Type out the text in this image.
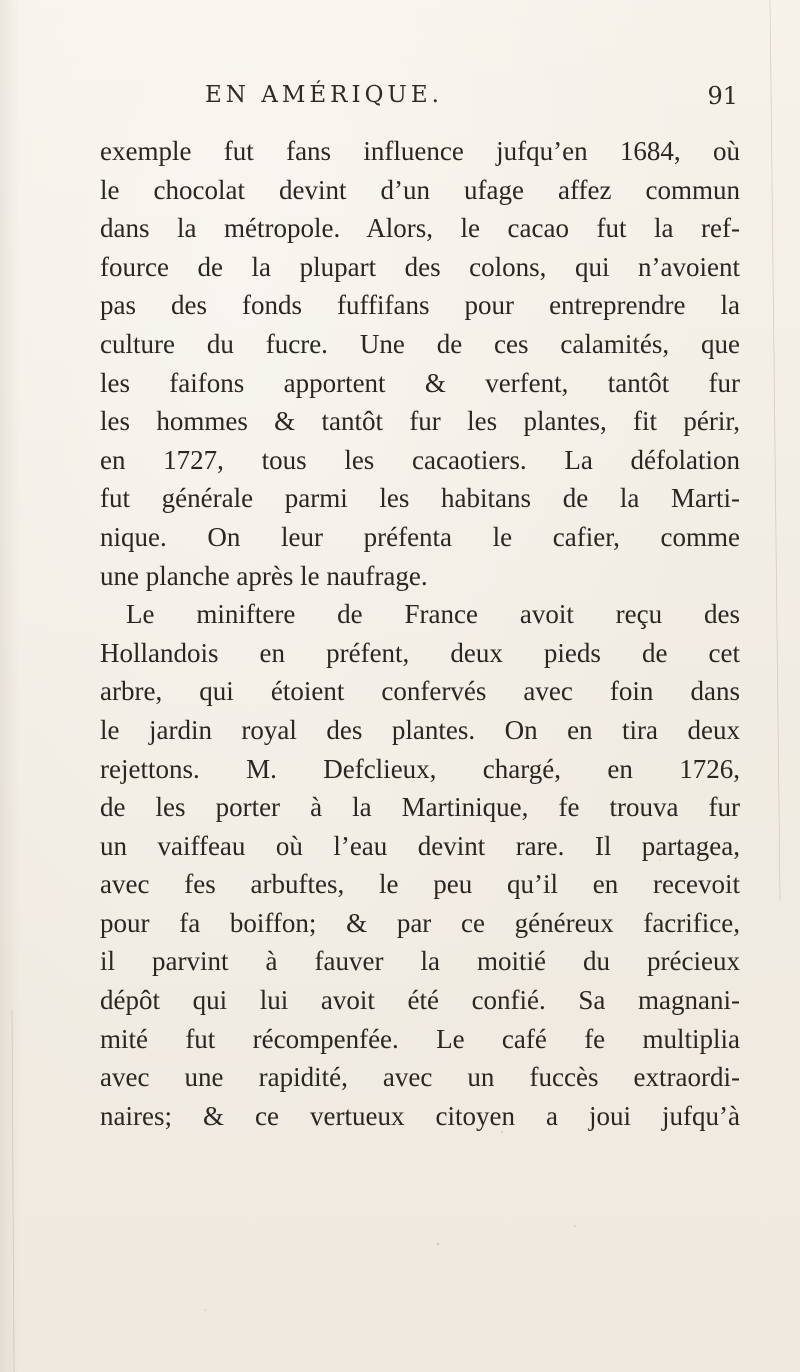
EN AMÉRIQUE.	91
exemple fut fans influence jufqu’en 1684, où
le chocolat devint d’un ufage affez commun
dans la métropole. Alors, le cacao fut la ref-
fource de la plupart des colons, qui n’avoient
pas des fonds fuffifans pour entreprendre la
culture du fucre. Une de ces calamités, que
les faifons apportent & verfent, tantôt fur
les hommes & tantôt fur les plantes, fit périr,
en 1727, tous les cacaotiers. La défolation
fut générale parmi les habitans de la Marti-
nique. On leur préfenta le cafier, comme
une planche après le naufrage.
Le miniftere de France avoit reçu des
Hollandois en préfent, deux pieds de cet
arbre, qui étoient confervés avec foin dans
le jardin royal des plantes. On en tira deux
rejettons. M. Defclieux, chargé, en 1726,
de les porter à la Martinique, fe trouva fur
un vaiffeau où l’eau devint rare. Il partagea,
avec fes arbuftes, le peu qu’il en recevoit
pour fa boiffon; & par ce généreux facrifice,
il parvint à fauver la moitié du précieux
dépôt qui lui avoit été confié. Sa magnani-
mité fut récompenfée. Le café fe multiplia
avec une rapidité, avec un fuccès extraordi-
naires; & ce vertueux citoyen a joui jufqu’à
